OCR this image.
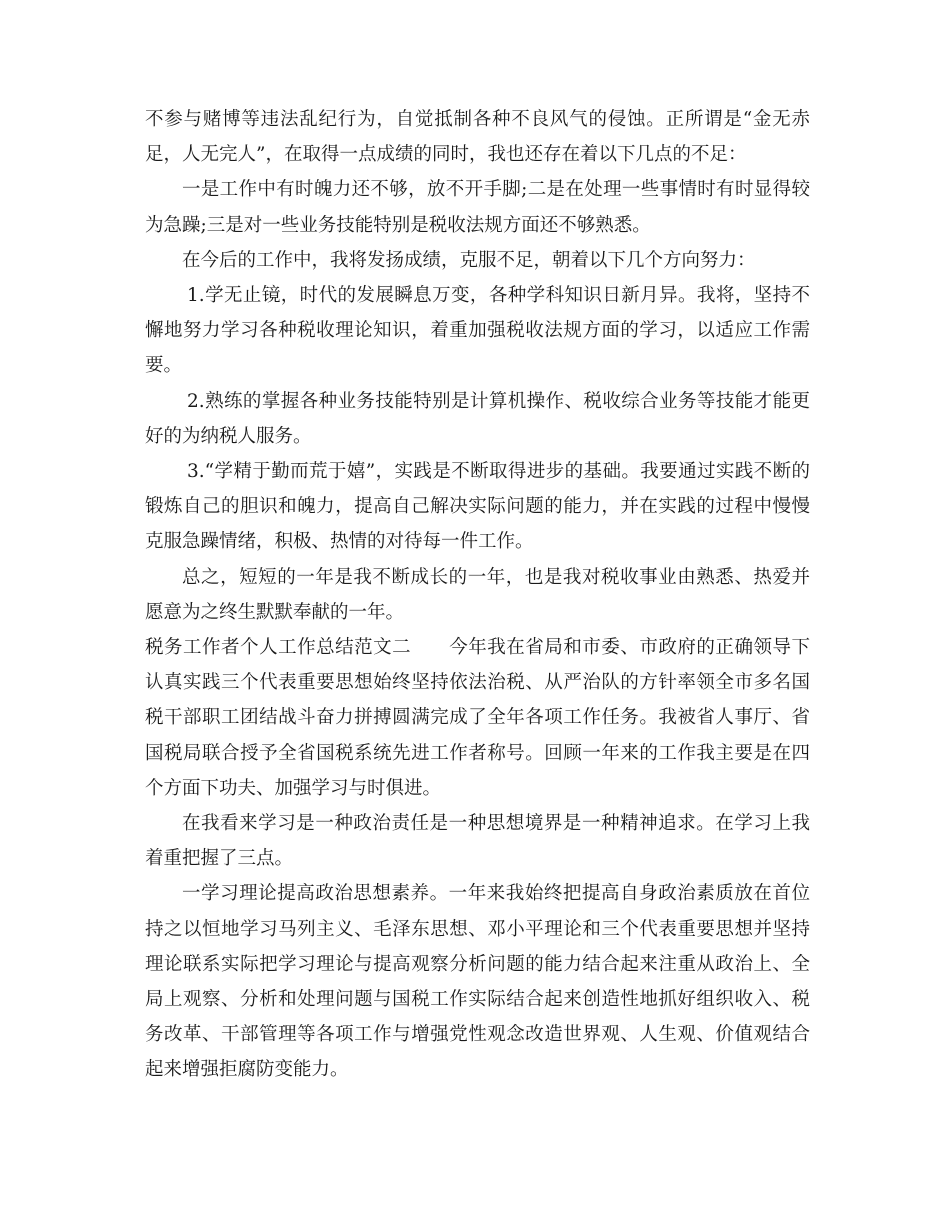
不参与赌博等违法乱纪行为，自觉抵制各种不良风气的侵蚀。正所谓是“金无赤足，人无完人”，在取得一点成绩的同时，我也还存在着以下几点的不足：

一是工作中有时魄力还不够，放不开手脚;二是在处理一些事情时有时显得较为急躁;三是对一些业务技能特别是税收法规方面还不够熟悉。

在今后的工作中，我将发扬成绩，克服不足，朝着以下几个方向努力：

1.学无止镜，时代的发展瞬息万变，各种学科知识日新月异。我将，坚持不懈地努力学习各种税收理论知识，着重加强税收法规方面的学习，以适应工作需要。

2.熟练的掌握各种业务技能特别是计算机操作、税收综合业务等技能才能更好的为纳税人服务。

3.“学精于勤而荒于嬉”，实践是不断取得进步的基础。我要通过实践不断的锻炼自己的胆识和魄力，提高自己解决实际问题的能力，并在实践的过程中慢慢克服急躁情绪，积极、热情的对待每一件工作。

总之，短短的一年是我不断成长的一年，也是我对税收事业由熟悉、热爱并愿意为之终生默默奉献的一年。

税务工作者个人工作总结范文二　　今年我在省局和市委、市政府的正确领导下认真实践三个代表重要思想始终坚持依法治税、从严治队的方针率领全市多名国税干部职工团结战斗奋力拼搏圆满完成了全年各项工作任务。我被省人事厅、省国税局联合授予全省国税系统先进工作者称号。回顾一年来的工作我主要是在四个方面下功夫、加强学习与时俱进。

在我看来学习是一种政治责任是一种思想境界是一种精神追求。在学习上我着重把握了三点。

一学习理论提高政治思想素养。一年来我始终把提高自身政治素质放在首位持之以恒地学习马列主义、毛泽东思想、邓小平理论和三个代表重要思想并坚持理论联系实际把学习理论与提高观察分析问题的能力结合起来注重从政治上、全局上观察、分析和处理问题与国税工作实际结合起来创造性地抓好组织收入、税务改革、干部管理等各项工作与增强党性观念改造世界观、人生观、价值观结合起来增强拒腐防变能力。
